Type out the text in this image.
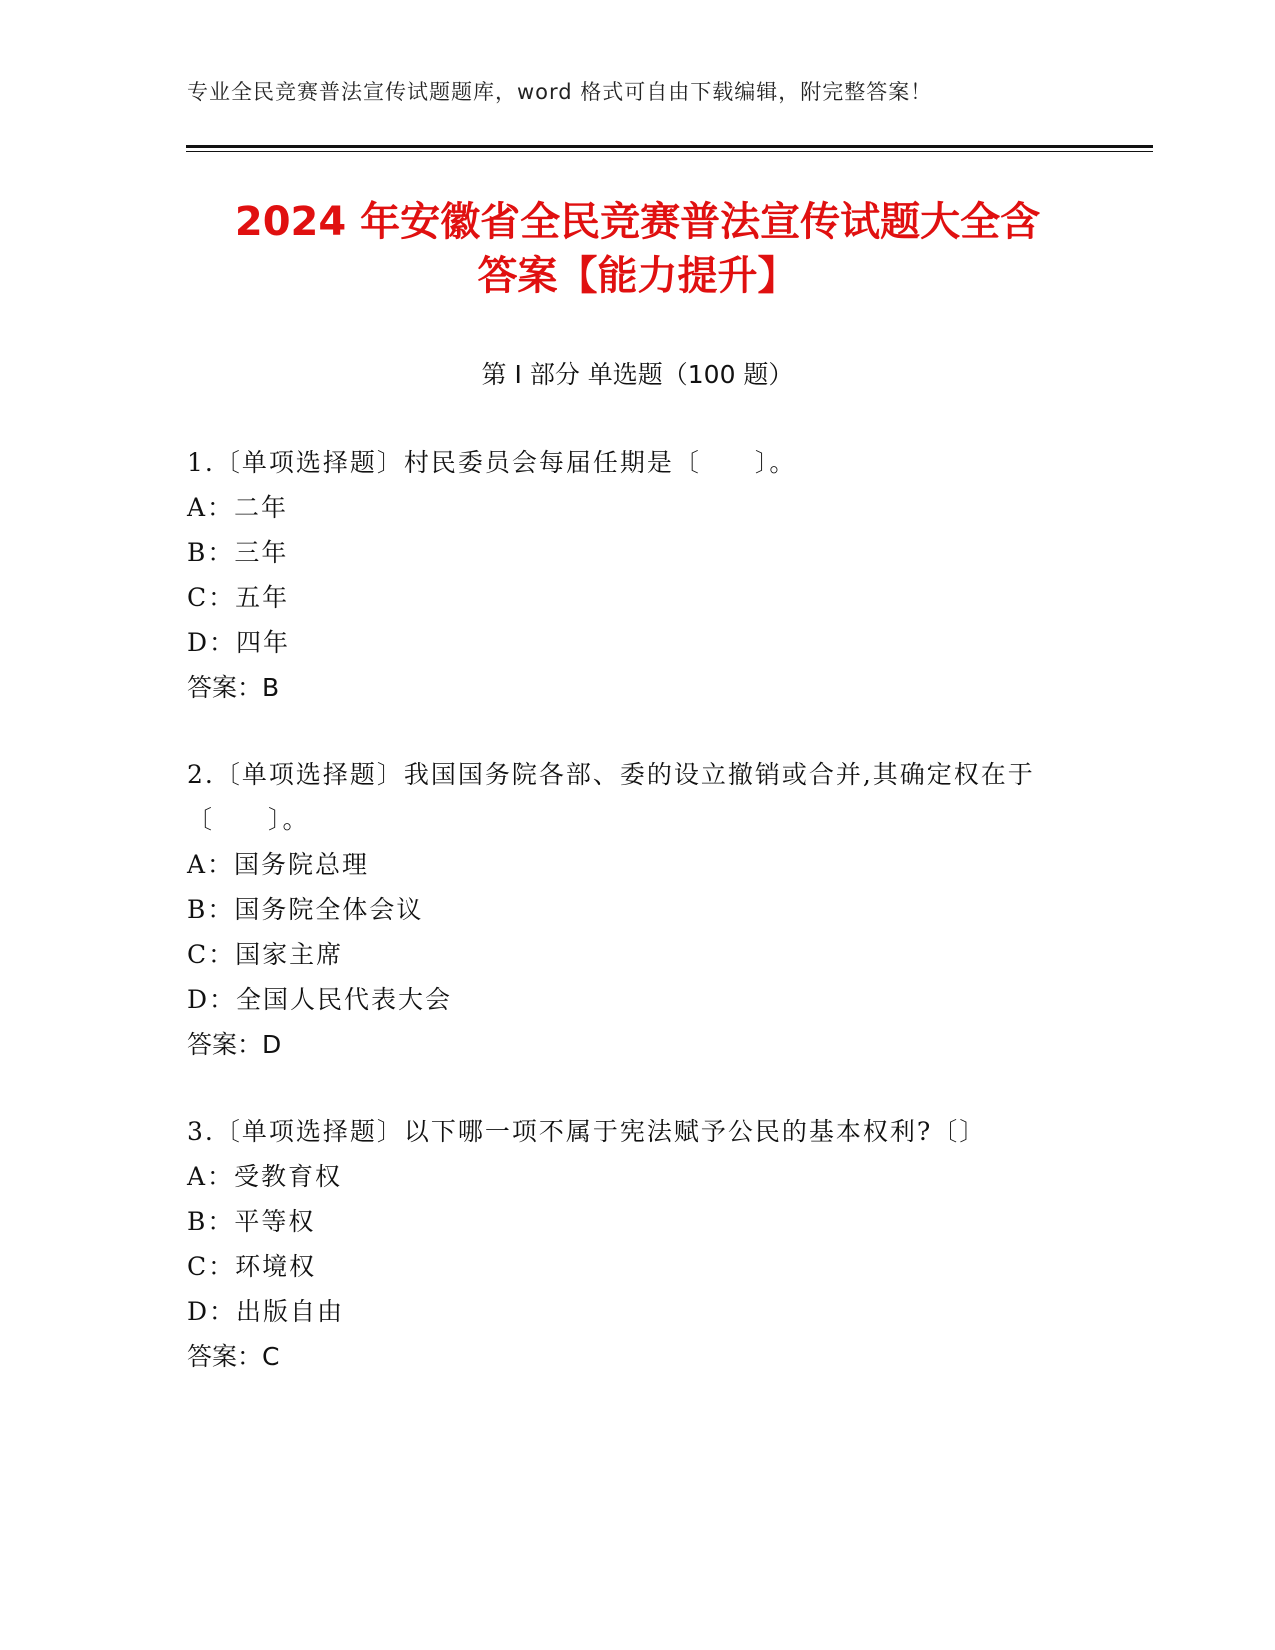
专业全民竞赛普法宣传试题题库，word 格式可自由下载编辑，附完整答案！
2024 年安徽省全民竞赛普法宣传试题大全含
答案【能力提升】
第 I 部分 单选题（100 题）
1.〔单项选择题〕村民委员会每届任期是〔　　〕。
A：二年
B：三年
C：五年
D：四年
答案：B
2.〔单项选择题〕我国国务院各部、委的设立撤销或合并,其确定权在于〔　　〕。
A：国务院总理
B：国务院全体会议
C：国家主席
D：全国人民代表大会
答案：D
3.〔单项选择题〕以下哪一项不属于宪法赋予公民的基本权利?〔〕
A：受教育权
B：平等权
C：环境权
D：出版自由
答案：C
